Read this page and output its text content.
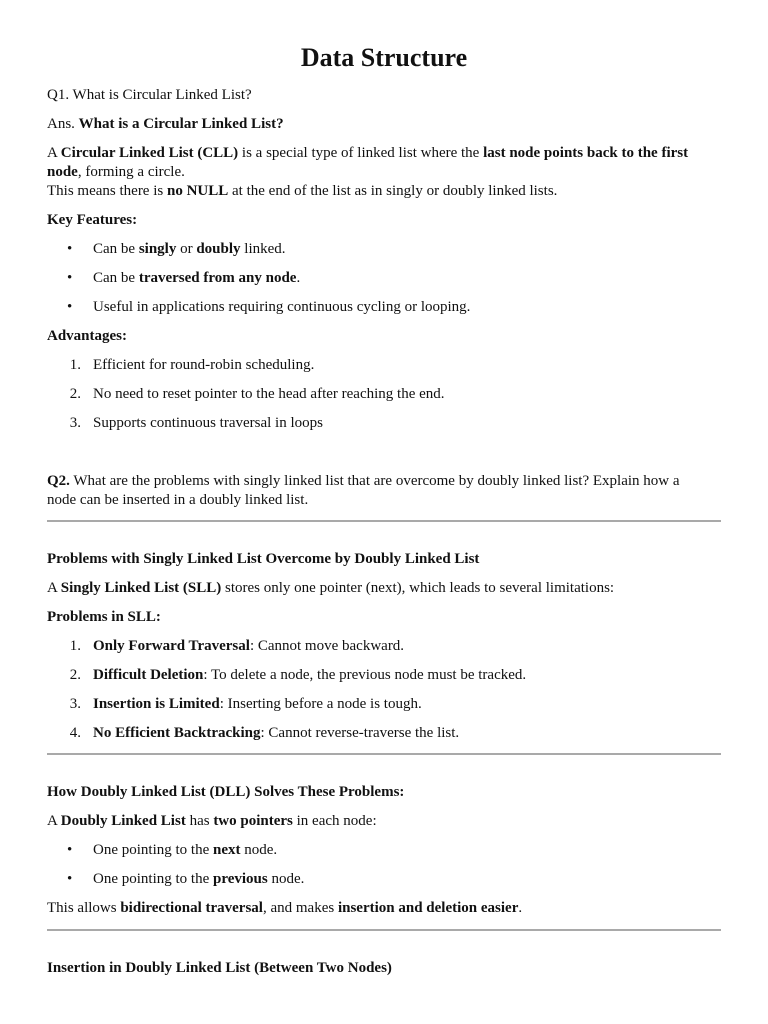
Data Structure

Q1. What is Circular Linked List?

Ans. What is a Circular Linked List?

A Circular Linked List (CLL) is a special type of linked list where the last node points back to the first

node, forming a circle.

This means there is no NULL at the end of the list as in singly or doubly linked lists.

Key Features:

•	Can be singly or doubly linked.
•	Can be traversed from any node.
•	Useful in applications requiring continuous cycling or looping.

Advantages:

1. Efficient for round-robin scheduling.
2. No need to reset pointer to the head after reaching the end.
3. Supports continuous traversal in loops

Q2. What are the problems with singly linked list that are overcome by doubly linked list? Explain how a

node can be inserted in a doubly linked list.

Problems with Singly Linked List Overcome by Doubly Linked List

A Singly Linked List (SLL) stores only one pointer (next), which leads to several limitations:

Problems in SLL:

1. Only Forward Traversal: Cannot move backward.
2. Difficult Deletion: To delete a node, the previous node must be tracked.
3. Insertion is Limited: Inserting before a node is tough.
4. No Efficient Backtracking: Cannot reverse-traverse the list.

How Doubly Linked List (DLL) Solves These Problems:

A Doubly Linked List has two pointers in each node:

•	One pointing to the next node.
•	One pointing to the previous node.

This allows bidirectional traversal, and makes insertion and deletion easier.

Insertion in Doubly Linked List (Between Two Nodes)
